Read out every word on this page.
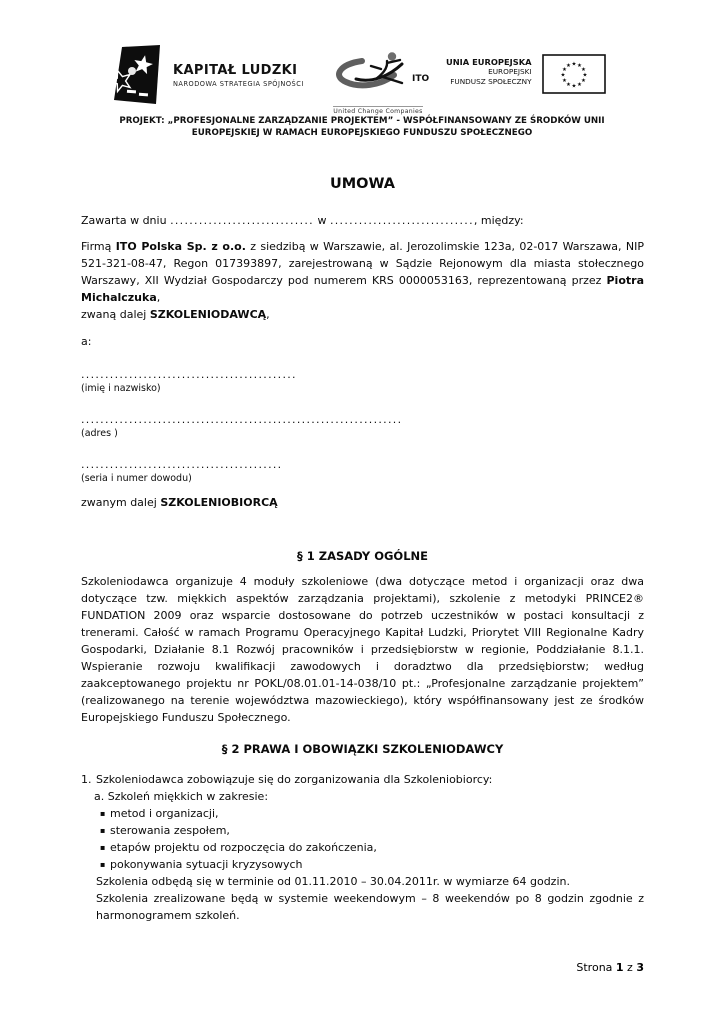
KAPITAŁ LUDZKI
NARODOWA STRATEGIA SPÓJNOŚCI	ITO
United Change Companies
UNIA EUROPEJSKA
EUROPEJSKI
FUNDUSZ SPOŁECZNY
★ ★
★
★
★
★
★
★
★
★
★
★
PROJEKT: „PROFESJONALNE ZARZĄDZANIE PROJEKTEM” - WSPÓŁFINANSOWANY ZE ŚRODKÓW UNII
EUROPEJSKIEJ W RAMACH EUROPEJSKIEGO FUNDUSZU SPOŁECZNEGO
UMOWA

Zawarta w dniu .............................. w .............................., między:

Firmą ITO Polska Sp. z o.o. z siedzibą w Warszawie, al. Jerozolimskie 123a, 02-017 Warszawa, NIP 521-321-08-47, Regon 017393897, zarejestrowaną w Sądzie Rejonowym dla miasta stołecznego Warszawy, XII Wydział Gospodarczy pod numerem KRS 0000053163, reprezentowaną przez Piotra Michalczuka,
zwaną dalej SZKOLENIODAWCĄ,

a:

.............................................
(imię i nazwisko)
...................................................................
(adres )
..........................................
(seria i numer dowodu)

zwanym dalej SZKOLENIOBIORCĄ

§ 1 ZASADY OGÓLNE

Szkoleniodawca organizuje 4 moduły szkoleniowe (dwa dotyczące metod i organizacji oraz dwa dotyczące tzw. miękkich aspektów zarządzania projektami), szkolenie z metodyki PRINCE2® FUNDATION 2009 oraz wsparcie dostosowane do potrzeb uczestników w postaci konsultacji z trenerami. Całość w ramach Programu Operacyjnego Kapitał Ludzki, Priorytet VIII Regionalne Kadry Gospodarki, Działanie 8.1 Rozwój pracowników i przedsiębiorstw w regionie, Poddziałanie 8.1.1. Wspieranie rozwoju kwalifikacji zawodowych i doradztwo dla przedsiębiorstw; według zaakceptowanego projektu nr POKL/08.01.01-14-038/10 pt.: „Profesjonalne zarządzanie projektem” (realizowanego na terenie województwa mazowieckiego), który współfinansowany jest ze środków Europejskiego Funduszu Społecznego.

§ 2 PRAWA I OBOWIĄZKI SZKOLENIODAWCY
1. Szkoleniodawca zobowiązuje się do zorganizowania dla Szkoleniobiorcy:
a. Szkoleń miękkich w zakresie:
▪ metod i organizacji,
▪ sterowania zespołem,
▪ etapów projektu od rozpoczęcia do zakończenia,
▪ pokonywania sytuacji kryzysowych

Szkolenia odbędą się w terminie od 01.11.2010 – 30.04.2011r. w wymiarze 64 godzin.

Szkolenia zrealizowane będą w systemie weekendowym – 8 weekendów po 8 godzin zgodnie z harmonogramem szkoleń.

Strona 1 z 3
